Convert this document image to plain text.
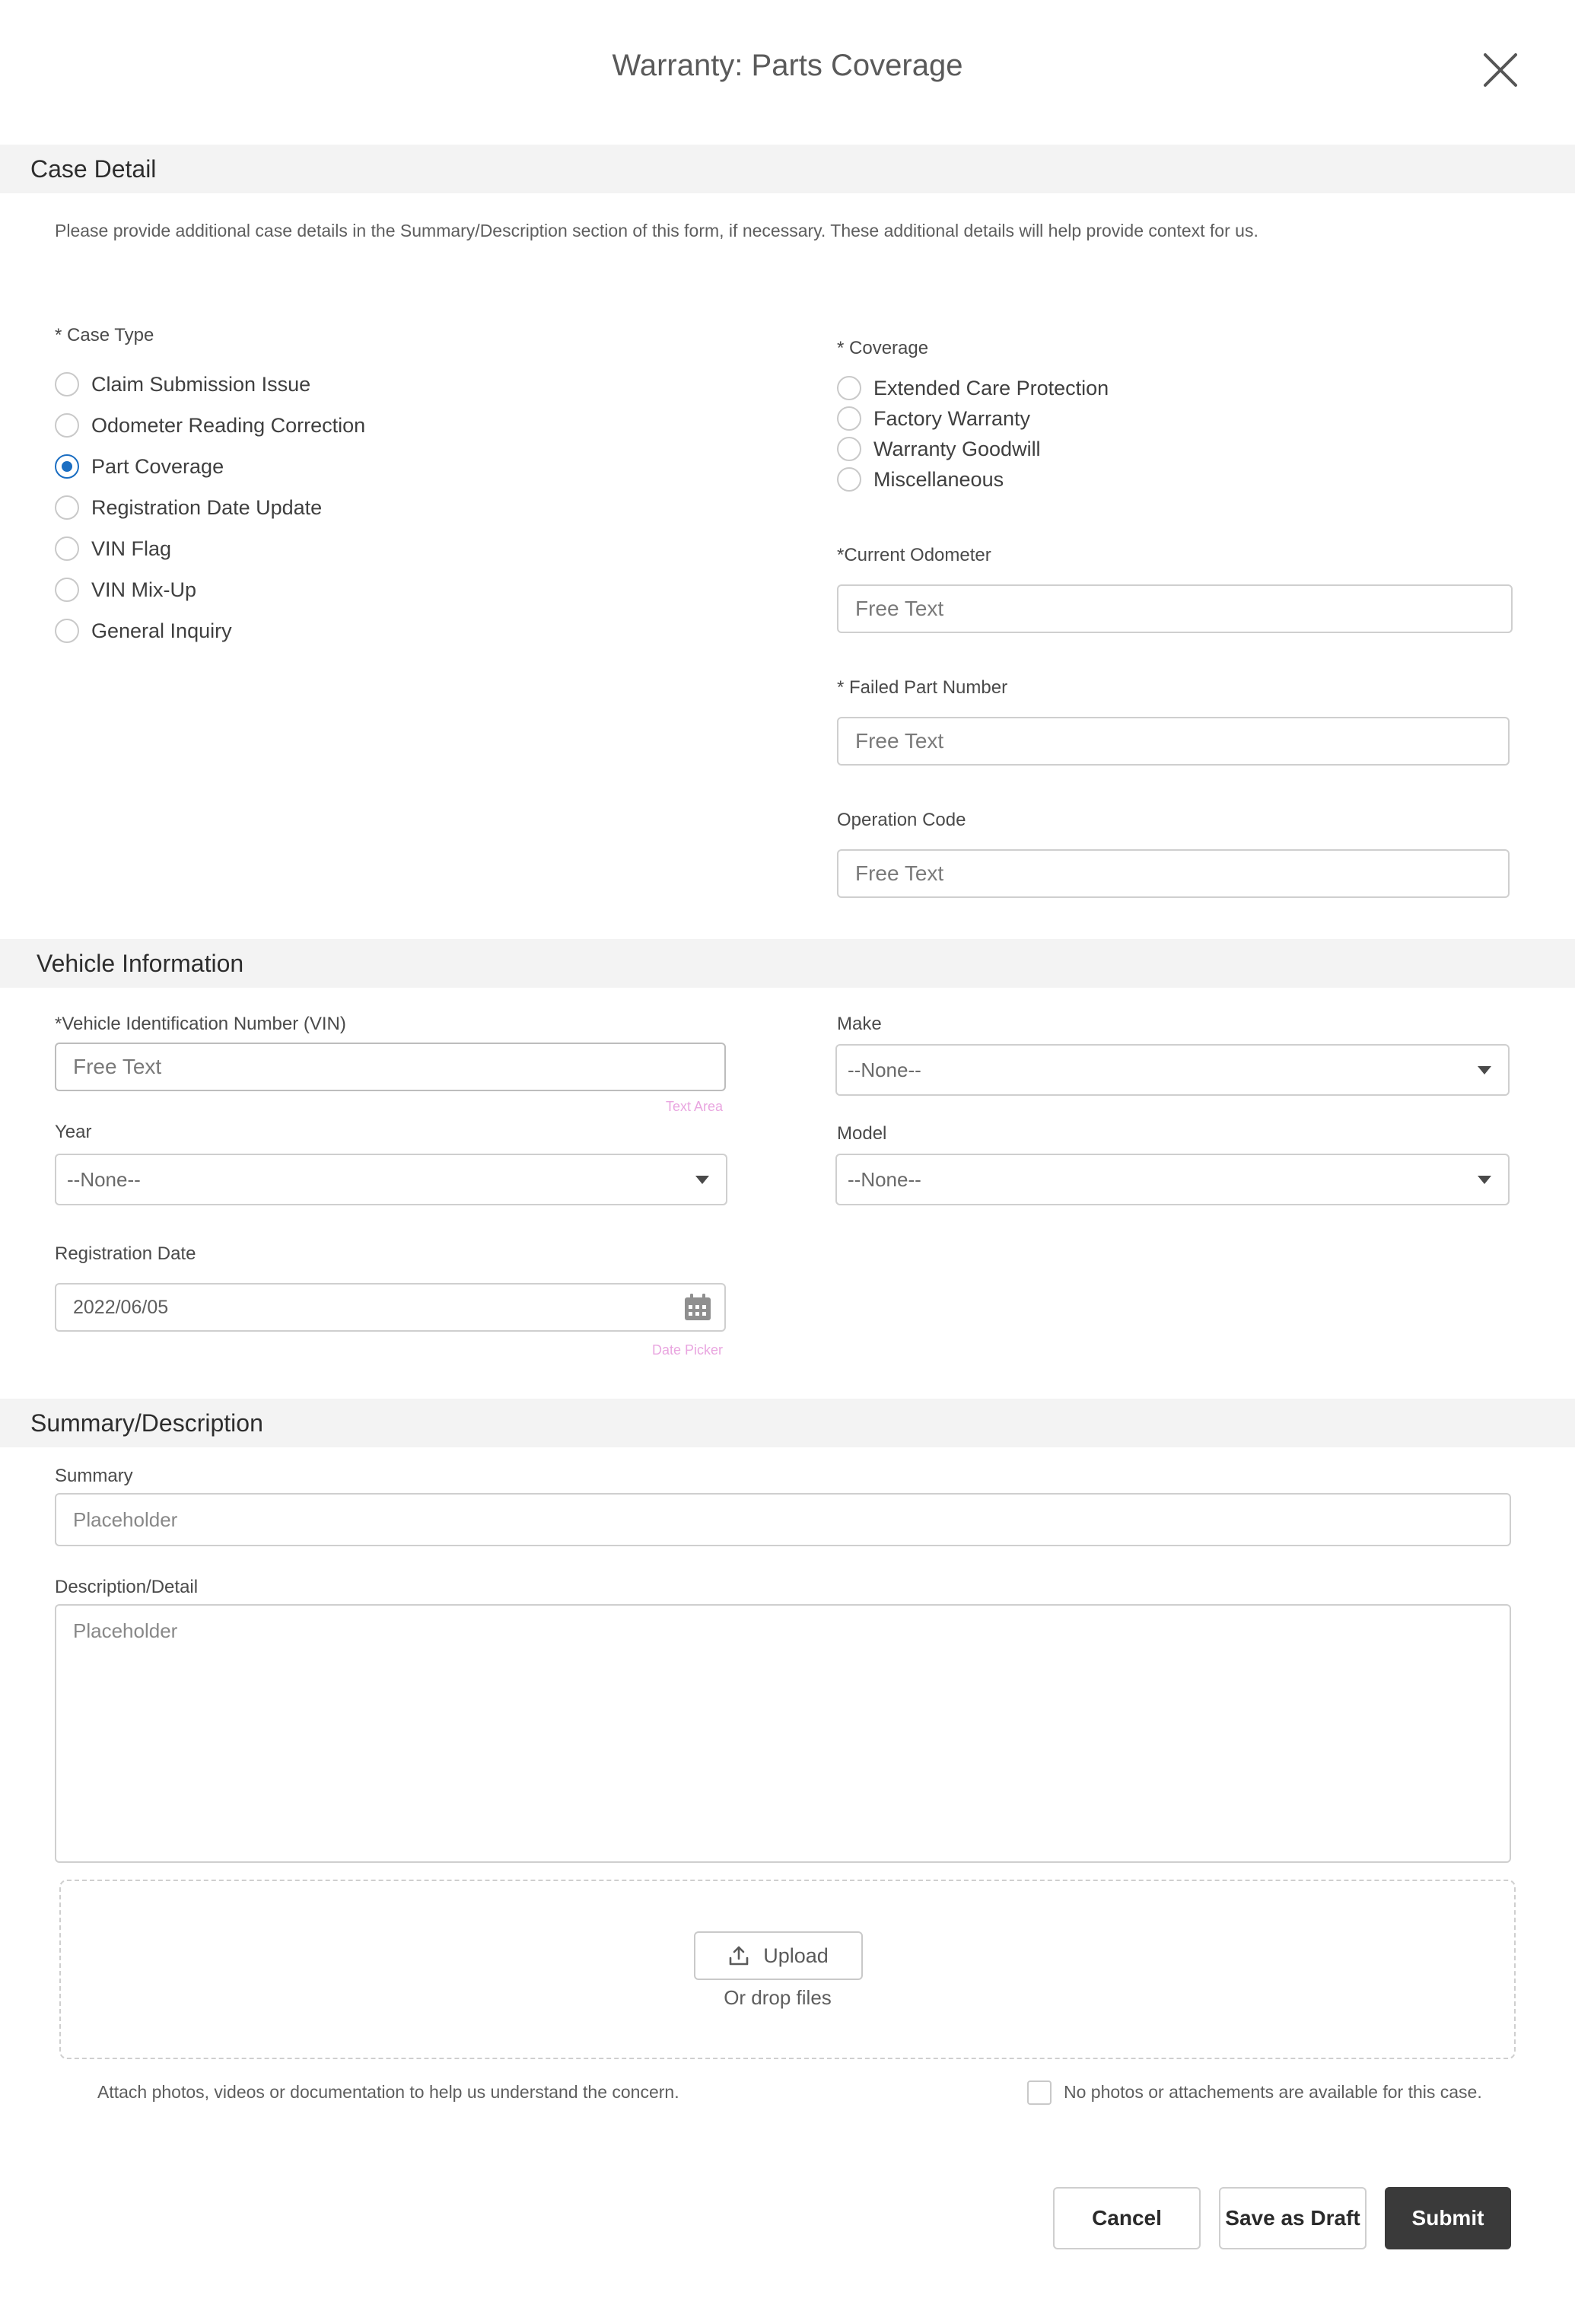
Warranty: Parts Coverage
Case Detail
Please provide additional case details in the Summary/Description section of this form, if necessary. These additional details will help provide context for us.
* Case Type
Claim Submission Issue
Odometer Reading Correction
Part Coverage
Registration Date Update
VIN Flag
VIN Mix-Up
General Inquiry
* Coverage
Extended Care Protection
Factory Warranty
Warranty Goodwill
Miscellaneous
*Current Odometer
Free Text
* Failed Part Number
Free Text
Operation Code
Free Text
Vehicle Information
*Vehicle Identification Number (VIN)
Free Text
Text Area
Make
--None--
Year
--None--
Model
--None--
Registration Date
2022/06/05
Date Picker
Summary/Description
Summary
Placeholder
Description/Detail
Placeholder
Upload
Or drop files
Attach photos, videos or documentation to help us understand the concern.	No photos or attachements are available for this case.
Cancel	Save as Draft	Submit
